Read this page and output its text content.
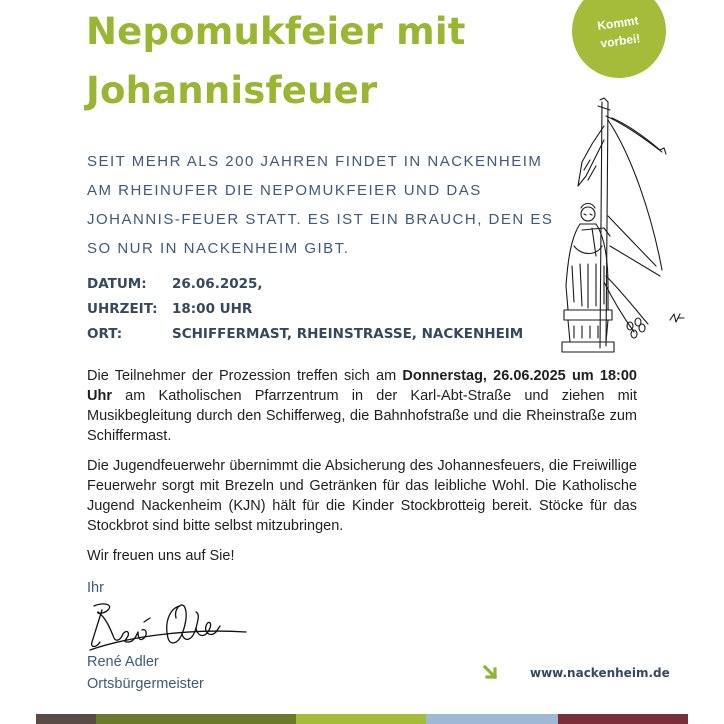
Nepomukfeier mit
Johannisfeuer
Kommt
vorbei!

SEIT MEHR ALS 200 JAHREN FINDET IN NACKENHEIM AM RHEINUFER DIE NEPOMUKFEIER UND DAS JOHANNIS-FEUER STATT. ES IST EIN BRAUCH, DEN ES SO NUR IN NACKENHEIM GIBT.

DATUM: 26.06.2025,
UHRZEIT: 18:00 UHR
ORT:	SCHIFFERMAST, RHEINSTRASSE, NACKENHEIM

Die Teilnehmer der Prozession treffen sich am Donnerstag, 26.06.2025 um 18:00 Uhr am Katholischen Pfarrzentrum in der Karl-Abt-Straße und ziehen mit Musikbegleitung durch den Schifferweg, die Bahnhofstraße und die Rheinstraße zum Schiffermast.

Die Jugendfeuerwehr übernimmt die Absicherung des Johannesfeuers, die Freiwillige Feuerwehr sorgt mit Brezeln und Getränken für das leibliche Wohl. Die Katholische Jugend Nackenheim (KJN) hält für die Kinder Stockbrotteig bereit. Stöcke für das Stockbrot sind bitte selbst mitzubringen.

Wir freuen uns auf Sie!

Ihr
René Adler
Ortsbürgermeister
www.nackenheim.de
